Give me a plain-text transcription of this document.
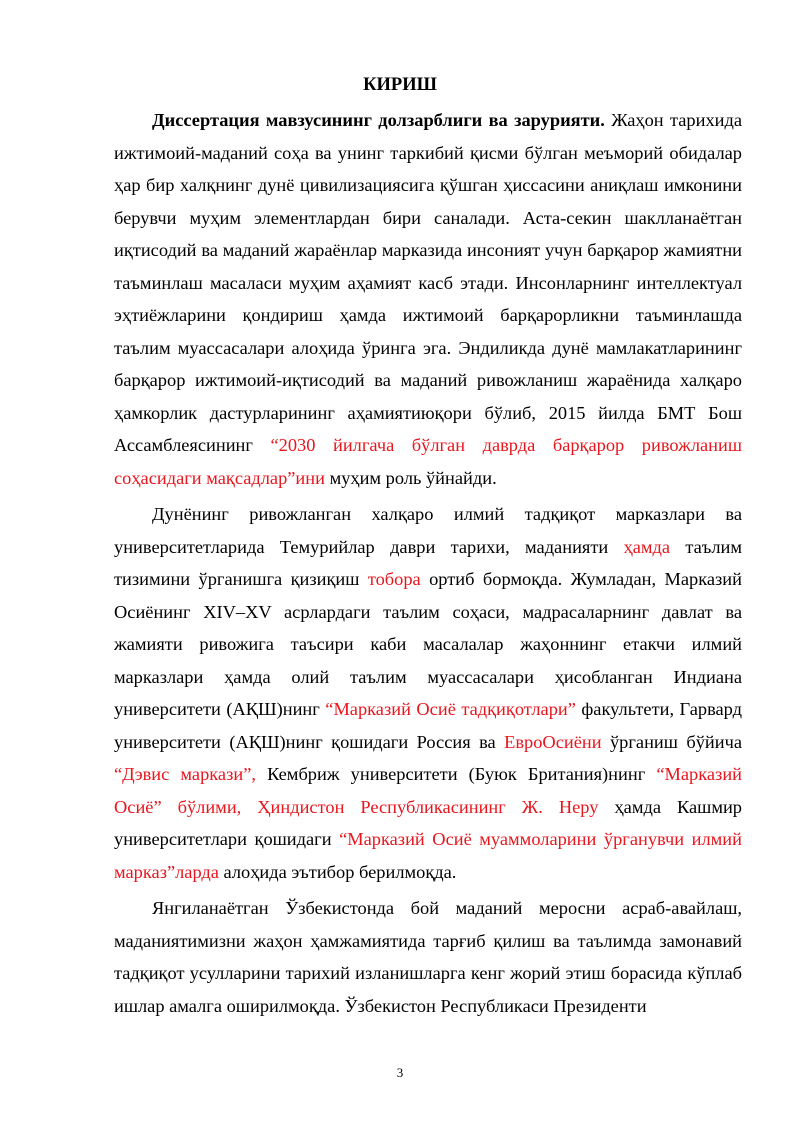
КИРИШ

Диссертация мавзусининг долзарблиги ва зарурияти. Жаҳон тарихида ижтимоий-маданий соҳа ва унинг таркибий қисми бўлган меъморий обидалар ҳар бир халқнинг дунё цивилизациясига қўшган ҳиссасини аниқлаш имконини берувчи муҳим элементлардан бири саналади. Аста-секин шаклланаётган иқтисодий ва маданий жараёнлар марказида инсоният учун барқарор жамиятни таъминлаш масаласи муҳим аҳамият касб этади. Инсонларнинг интеллектуал эҳтиёжларини қондириш ҳамда ижтимоий барқарорликни таъминлашда таълим муассасалари алоҳида ўринга эга. Эндиликда дунё мамлакатларининг барқарор ижтимоий-иқтисодий ва маданий ривожланиш жараёнида халқаро ҳамкорлик дастурларининг аҳамиятиюқори бўлиб, 2015 йилда БМТ Бош Ассамблеясининг “2030 йилгача бўлган даврда барқарор ривожланиш соҳасидаги мақсадлар”ини муҳим роль ўйнайди.

Дунёнинг ривожланган халқаро илмий тадқиқот марказлари ва университетларида Темурийлар даври тарихи, маданияти ҳамда таълим тизимини ўрганишга қизиқиш тобора ортиб бормоқда. Жумладан, Марказий Осиёнинг XIV–XV асрлардаги таълим соҳаси, мадрасаларнинг давлат ва жамияти ривожига таъсири каби масалалар жаҳоннинг етакчи илмий марказлари ҳамда олий таълим муассасалари ҳисобланган Индиана университети (АҚШ)нинг “Марказий Осиё тадқиқотлари” факультети, Гарвард университети (АҚШ)нинг қошидаги Россия ва ЕвроОсиёни ўрганиш бўйича “Дэвис маркази”, Кембриж университети (Буюк Британия)нинг “Марказий Осиё” бўлими, Ҳиндистон Республикасининг Ж. Неру ҳамда Кашмир университетлари қошидаги “Марказий Осиё муаммоларини ўрганувчи илмий марказ”ларда алоҳида эътибор берилмоқда.

Янгиланаётган Ўзбекистонда бой маданий меросни асраб-авайлаш, маданиятимизни жаҳон ҳамжамиятида тарғиб қилиш ва таълимда замонавий тадқиқот усулларини тарихий изланишларга кенг жорий этиш борасида кўплаб ишлар амалга оширилмоқда. Ўзбекистон Республикаси Президенти

3
